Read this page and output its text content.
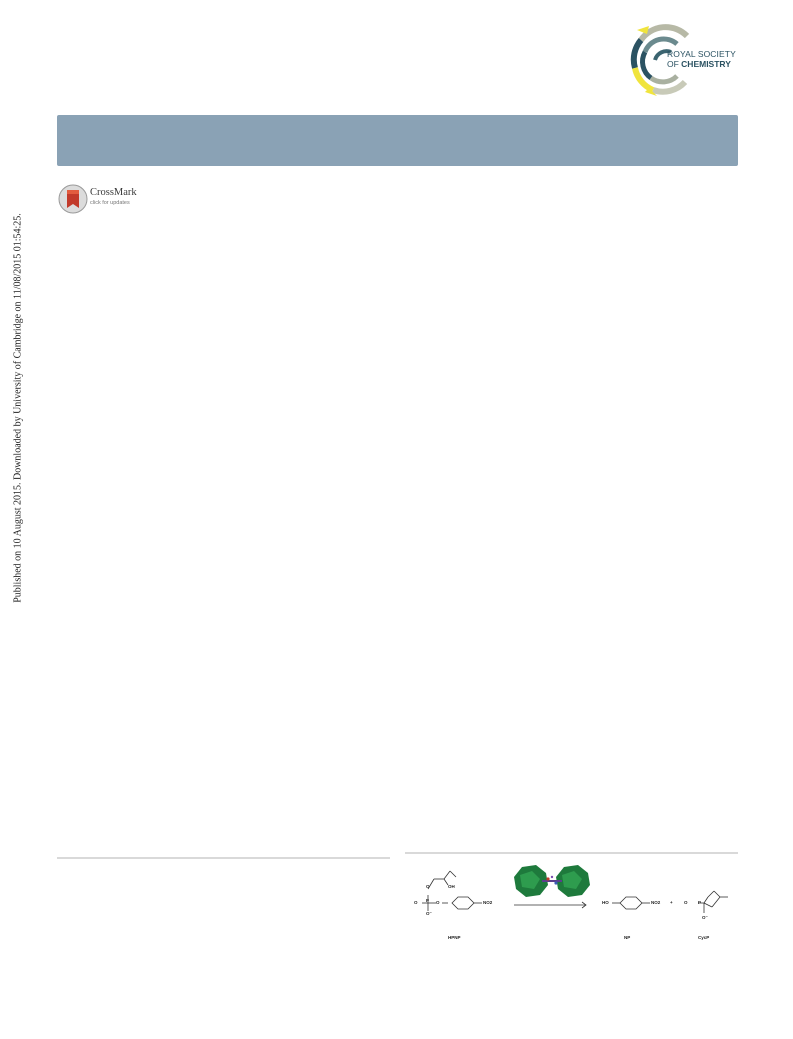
ROYAL SOCIETY
OF CHEMISTRY
CrossMark
click for updates
Published on 10 August 2015. Downloaded by University of Cambridge on 11/08/2015 01:54:25.
O P
O⁻
O
O	OH
NO2
HPNP
HO	NO2
NP
+	O P
O⁻
CycP
